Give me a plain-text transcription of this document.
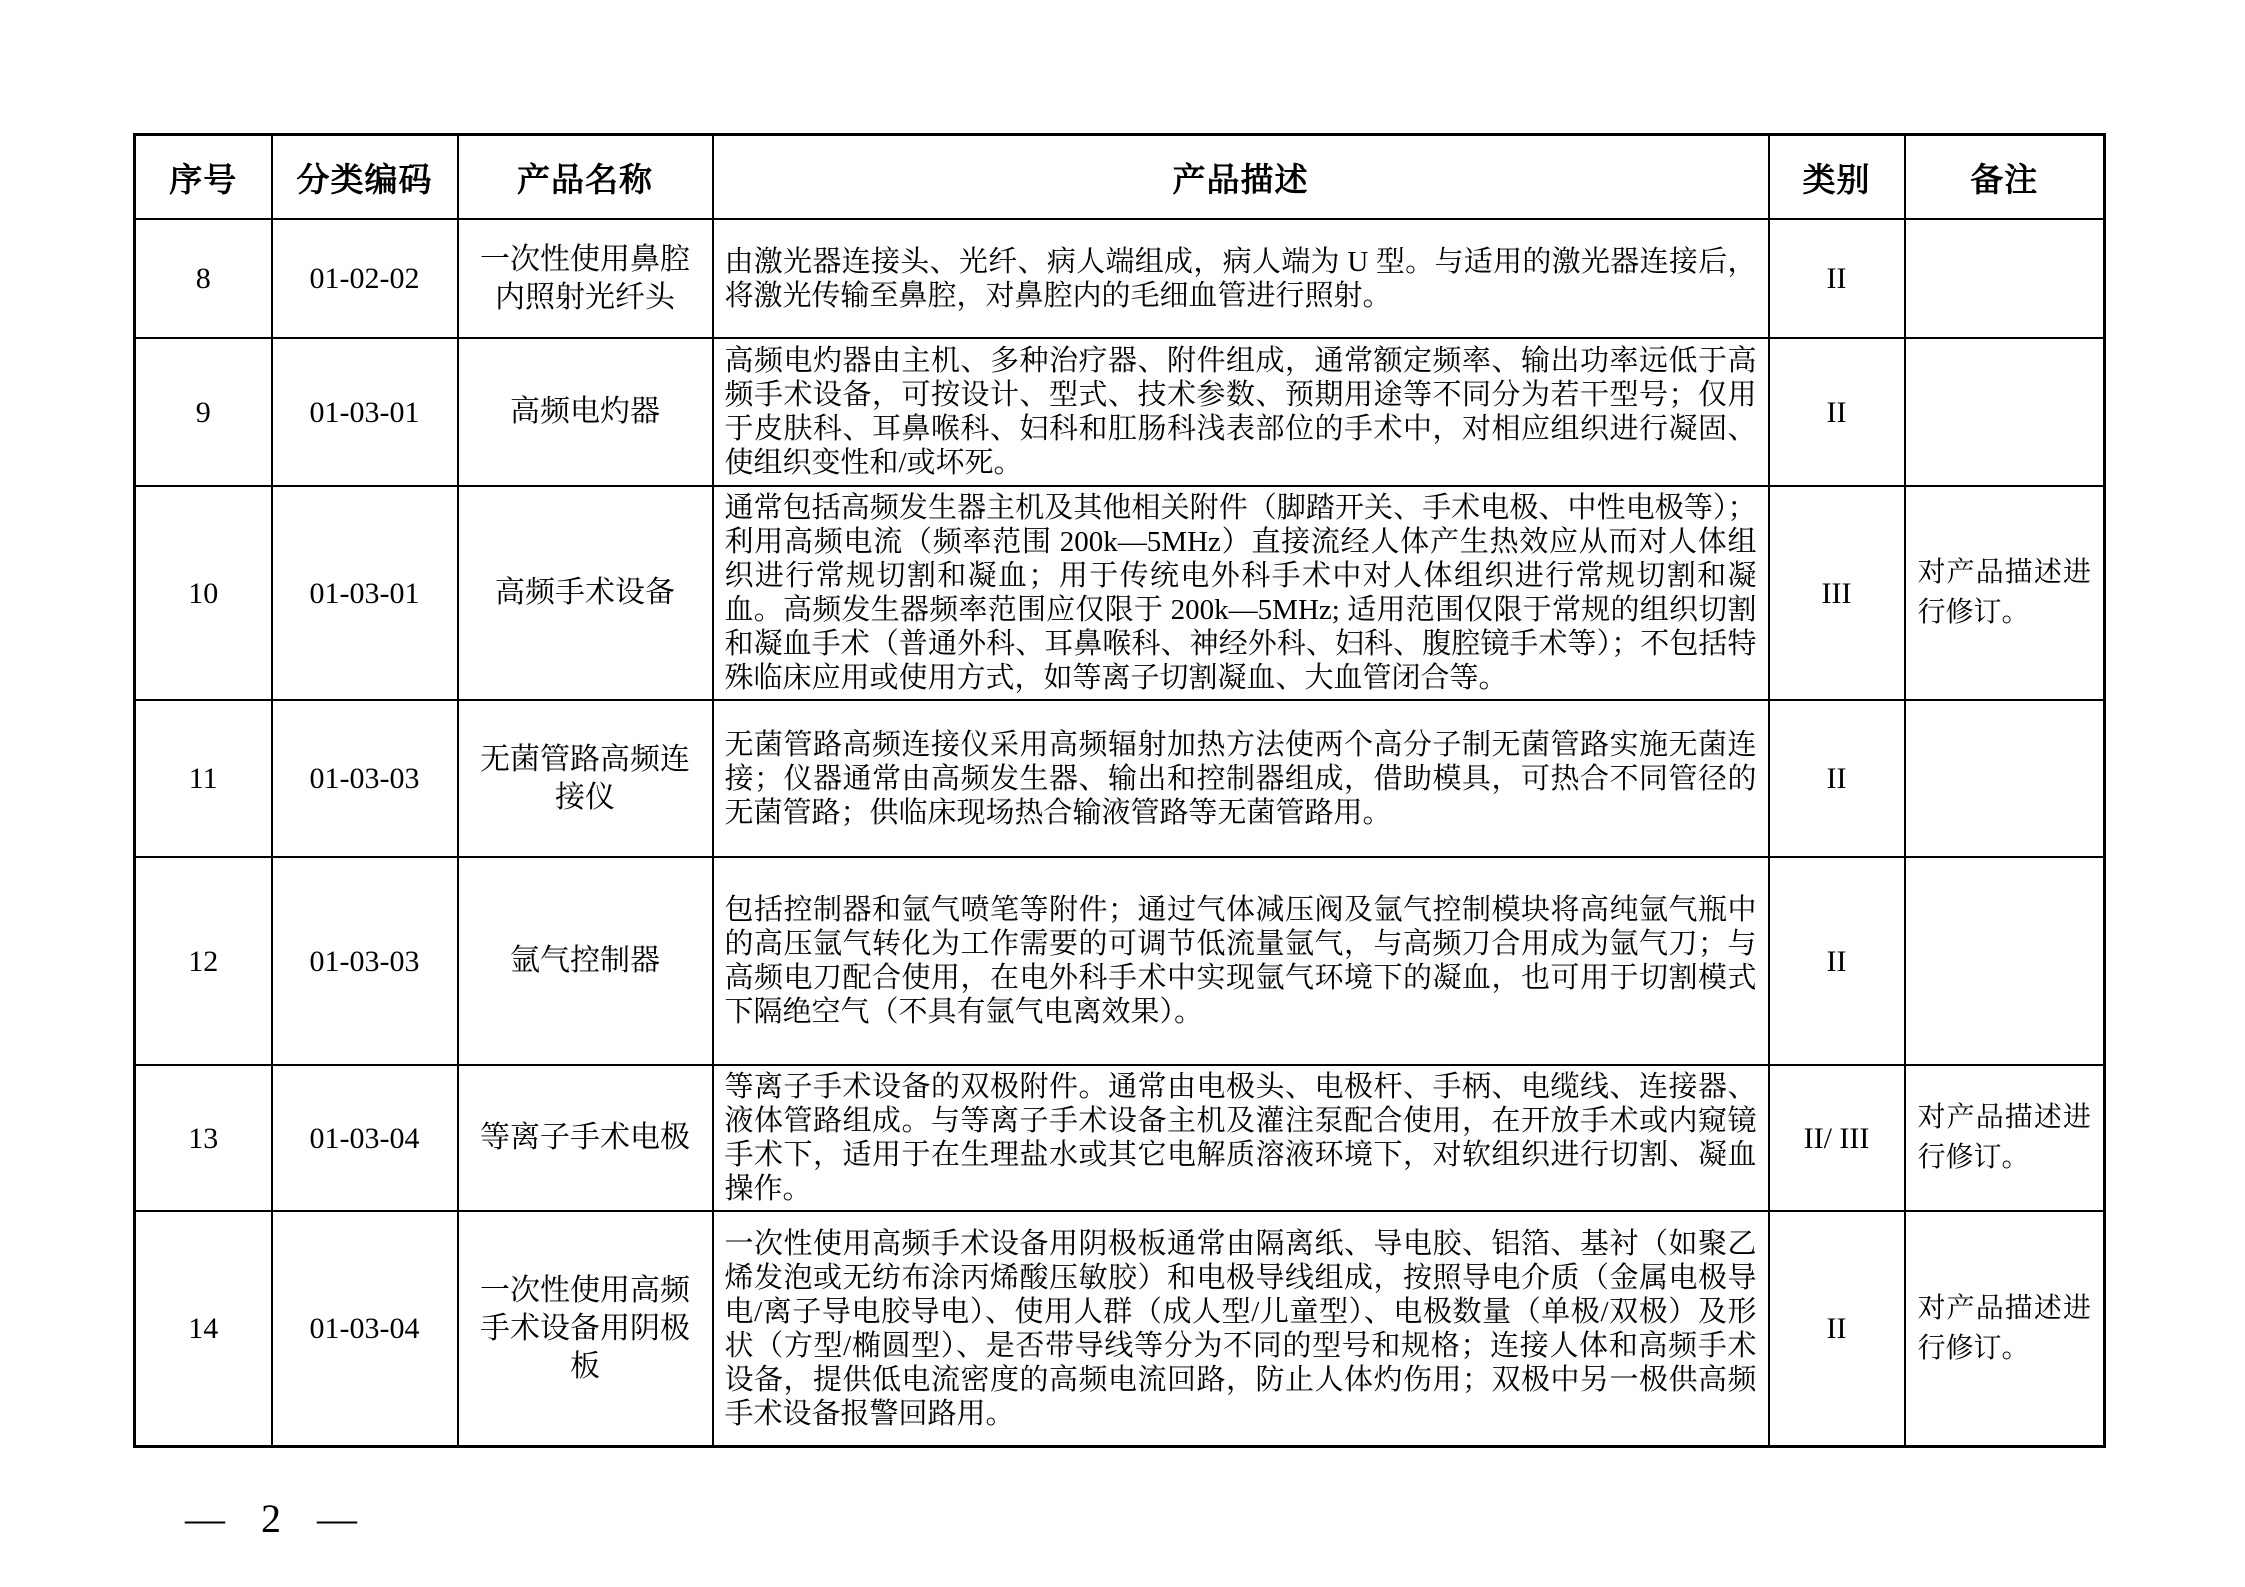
序号	分类编码	产品名称	产品描述	类别	备注
8	01-02-02	一次性使用鼻腔内照射光纤头	由激光器连接头、光纤、病人端组成，病人端为 U 型。与适用的激光器连接后，将激光传输至鼻腔，对鼻腔内的毛细血管进行照射。	II	
9	01-03-01	高频电灼器	高频电灼器由主机、多种治疗器、附件组成，通常额定频率、输出功率远低于高频手术设备，可按设计、型式、技术参数、预期用途等不同分为若干型号；仅用于皮肤科、耳鼻喉科、妇科和肛肠科浅表部位的手术中，对相应组织进行凝固、使组织变性和/或坏死。	II	
10	01-03-01	高频手术设备	通常包括高频发生器主机及其他相关附件（脚踏开关、手术电极、中性电极等）；利用高频电流（频率范围 200k—5MHz）直接流经人体产生热效应从而对人体组织进行常规切割和凝血；用于传统电外科手术中对人体组织进行常规切割和凝血。高频发生器频率范围应仅限于 200k—5MHz; 适用范围仅限于常规的组织切割和凝血手术（普通外科、耳鼻喉科、神经外科、妇科、腹腔镜手术等）；不包括特殊临床应用或使用方式，如等离子切割凝血、大血管闭合等。	III	对产品描述进行修订。
11	01-03-03	无菌管路高频连接仪	无菌管路高频连接仪采用高频辐射加热方法使两个高分子制无菌管路实施无菌连接；仪器通常由高频发生器、输出和控制器组成，借助模具，可热合不同管径的无菌管路；供临床现场热合输液管路等无菌管路用。	II	
12	01-03-03	氩气控制器	包括控制器和氩气喷笔等附件；通过气体减压阀及氩气控制模块将高纯氩气瓶中的高压氩气转化为工作需要的可调节低流量氩气，与高频刀合用成为氩气刀；与高频电刀配合使用，在电外科手术中实现氩气环境下的凝血，也可用于切割模式下隔绝空气（不具有氩气电离效果）。	II	
13	01-03-04	等离子手术电极	等离子手术设备的双极附件。通常由电极头、电极杆、手柄、电缆线、连接器、液体管路组成。与等离子手术设备主机及灌注泵配合使用，在开放手术或内窥镜手术下，适用于在生理盐水或其它电解质溶液环境下，对软组织进行切割、凝血操作。	II/ III	对产品描述进行修订。
14	01-03-04	一次性使用高频手术设备用阴极板	一次性使用高频手术设备用阴极板通常由隔离纸、导电胶、铝箔、基衬（如聚乙烯发泡或无纺布涂丙烯酸压敏胶）和电极导线组成，按照导电介质（金属电极导电/离子导电胶导电）、使用人群（成人型/儿童型）、电极数量（单极/双极）及形状（方型/椭圆型）、是否带导线等分为不同的型号和规格；连接人体和高频手术设备，提供低电流密度的高频电流回路，防止人体灼伤用；双极中另一极供高频手术设备报警回路用。	II	对产品描述进行修订。
— 2 —
